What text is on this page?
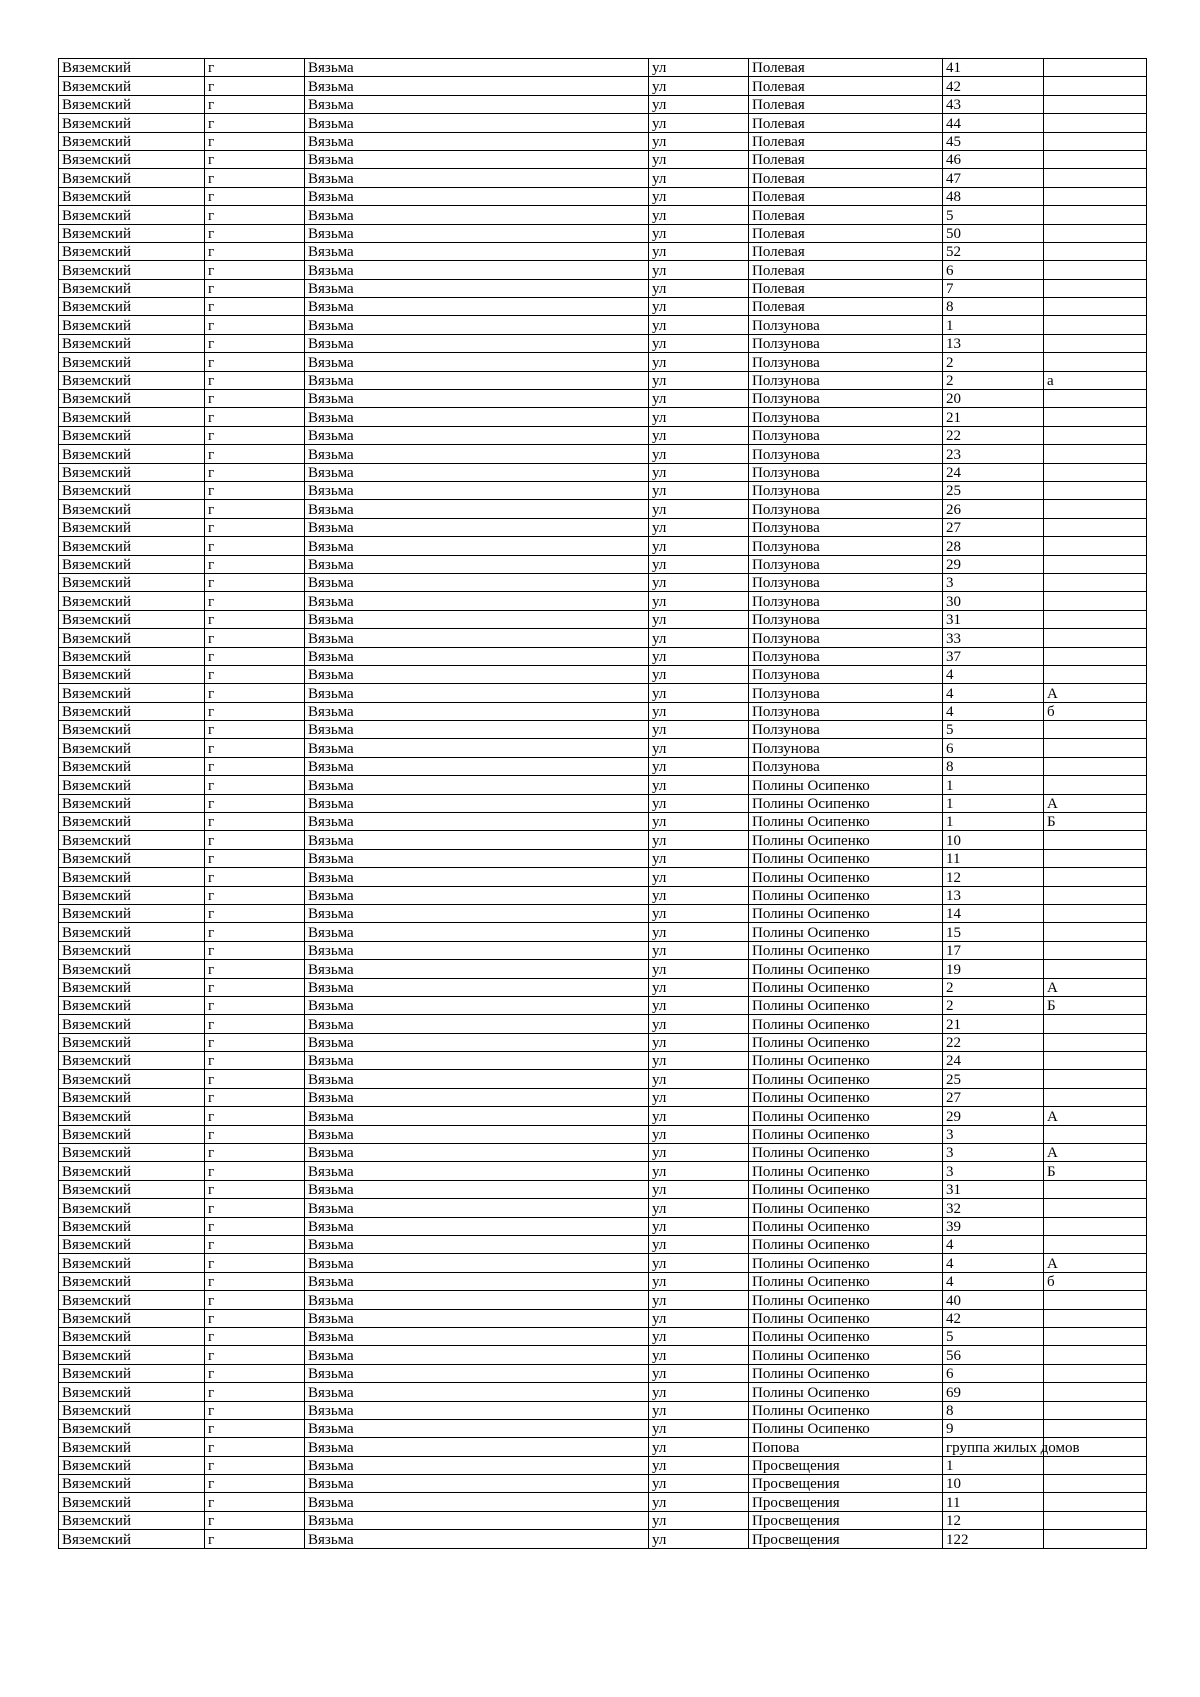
Вяземский	г	Вязьма	ул	Полевая	41	
Вяземский	г	Вязьма	ул	Полевая	42	
Вяземский	г	Вязьма	ул	Полевая	43	
Вяземский	г	Вязьма	ул	Полевая	44	
Вяземский	г	Вязьма	ул	Полевая	45	
Вяземский	г	Вязьма	ул	Полевая	46	
Вяземский	г	Вязьма	ул	Полевая	47	
Вяземский	г	Вязьма	ул	Полевая	48	
Вяземский	г	Вязьма	ул	Полевая	5	
Вяземский	г	Вязьма	ул	Полевая	50	
Вяземский	г	Вязьма	ул	Полевая	52	
Вяземский	г	Вязьма	ул	Полевая	6	
Вяземский	г	Вязьма	ул	Полевая	7	
Вяземский	г	Вязьма	ул	Полевая	8	
Вяземский	г	Вязьма	ул	Ползунова	1	
Вяземский	г	Вязьма	ул	Ползунова	13	
Вяземский	г	Вязьма	ул	Ползунова	2	
Вяземский	г	Вязьма	ул	Ползунова	2	а
Вяземский	г	Вязьма	ул	Ползунова	20	
Вяземский	г	Вязьма	ул	Ползунова	21	
Вяземский	г	Вязьма	ул	Ползунова	22	
Вяземский	г	Вязьма	ул	Ползунова	23	
Вяземский	г	Вязьма	ул	Ползунова	24	
Вяземский	г	Вязьма	ул	Ползунова	25	
Вяземский	г	Вязьма	ул	Ползунова	26	
Вяземский	г	Вязьма	ул	Ползунова	27	
Вяземский	г	Вязьма	ул	Ползунова	28	
Вяземский	г	Вязьма	ул	Ползунова	29	
Вяземский	г	Вязьма	ул	Ползунова	3	
Вяземский	г	Вязьма	ул	Ползунова	30	
Вяземский	г	Вязьма	ул	Ползунова	31	
Вяземский	г	Вязьма	ул	Ползунова	33	
Вяземский	г	Вязьма	ул	Ползунова	37	
Вяземский	г	Вязьма	ул	Ползунова	4	
Вяземский	г	Вязьма	ул	Ползунова	4	А
Вяземский	г	Вязьма	ул	Ползунова	4	б
Вяземский	г	Вязьма	ул	Ползунова	5	
Вяземский	г	Вязьма	ул	Ползунова	6	
Вяземский	г	Вязьма	ул	Ползунова	8	
Вяземский	г	Вязьма	ул	Полины Осипенко	1	
Вяземский	г	Вязьма	ул	Полины Осипенко	1	А
Вяземский	г	Вязьма	ул	Полины Осипенко	1	Б
Вяземский	г	Вязьма	ул	Полины Осипенко	10	
Вяземский	г	Вязьма	ул	Полины Осипенко	11	
Вяземский	г	Вязьма	ул	Полины Осипенко	12	
Вяземский	г	Вязьма	ул	Полины Осипенко	13	
Вяземский	г	Вязьма	ул	Полины Осипенко	14	
Вяземский	г	Вязьма	ул	Полины Осипенко	15	
Вяземский	г	Вязьма	ул	Полины Осипенко	17	
Вяземский	г	Вязьма	ул	Полины Осипенко	19	
Вяземский	г	Вязьма	ул	Полины Осипенко	2	А
Вяземский	г	Вязьма	ул	Полины Осипенко	2	Б
Вяземский	г	Вязьма	ул	Полины Осипенко	21	
Вяземский	г	Вязьма	ул	Полины Осипенко	22	
Вяземский	г	Вязьма	ул	Полины Осипенко	24	
Вяземский	г	Вязьма	ул	Полины Осипенко	25	
Вяземский	г	Вязьма	ул	Полины Осипенко	27	
Вяземский	г	Вязьма	ул	Полины Осипенко	29	А
Вяземский	г	Вязьма	ул	Полины Осипенко	3	
Вяземский	г	Вязьма	ул	Полины Осипенко	3	А
Вяземский	г	Вязьма	ул	Полины Осипенко	3	Б
Вяземский	г	Вязьма	ул	Полины Осипенко	31	
Вяземский	г	Вязьма	ул	Полины Осипенко	32	
Вяземский	г	Вязьма	ул	Полины Осипенко	39	
Вяземский	г	Вязьма	ул	Полины Осипенко	4	
Вяземский	г	Вязьма	ул	Полины Осипенко	4	А
Вяземский	г	Вязьма	ул	Полины Осипенко	4	б
Вяземский	г	Вязьма	ул	Полины Осипенко	40	
Вяземский	г	Вязьма	ул	Полины Осипенко	42	
Вяземский	г	Вязьма	ул	Полины Осипенко	5	
Вяземский	г	Вязьма	ул	Полины Осипенко	56	
Вяземский	г	Вязьма	ул	Полины Осипенко	6	
Вяземский	г	Вязьма	ул	Полины Осипенко	69	
Вяземский	г	Вязьма	ул	Полины Осипенко	8	
Вяземский	г	Вязьма	ул	Полины Осипенко	9	
Вяземский	г	Вязьма	ул	Попова	группа жилых домов	
Вяземский	г	Вязьма	ул	Просвещения	1	
Вяземский	г	Вязьма	ул	Просвещения	10	
Вяземский	г	Вязьма	ул	Просвещения	11	
Вяземский	г	Вязьма	ул	Просвещения	12	
Вяземский	г	Вязьма	ул	Просвещения	122	
